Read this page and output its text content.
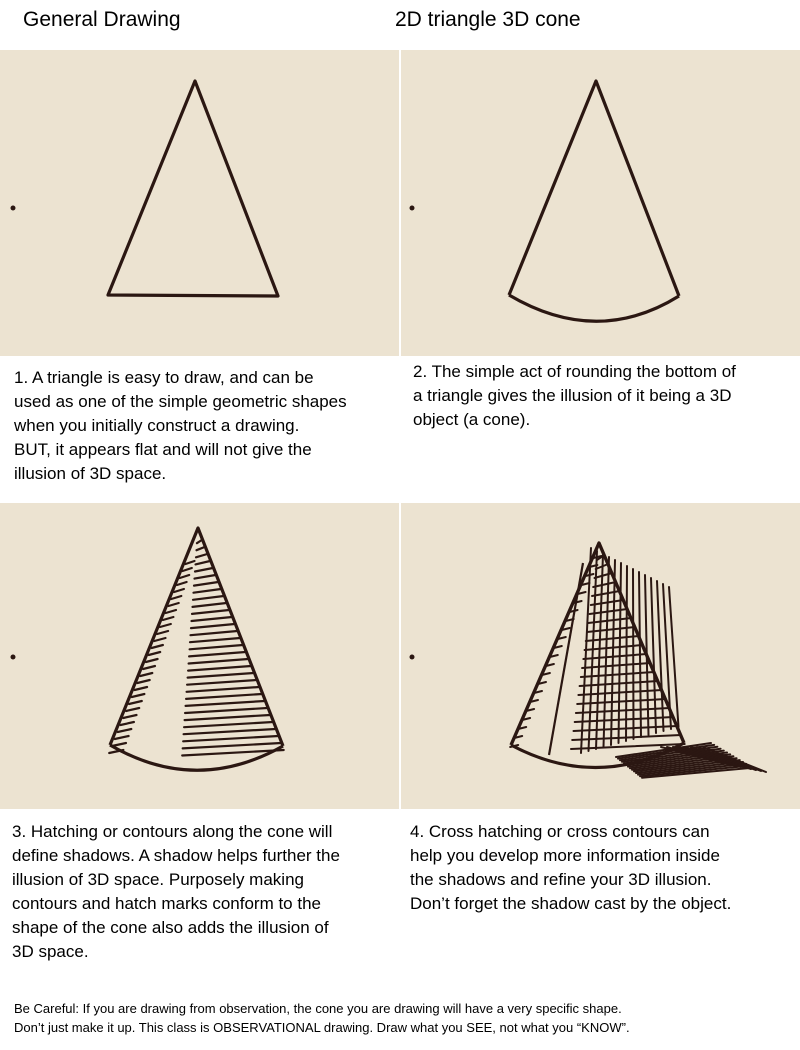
General Drawing	2D triangle 3D cone
1. A triangle is easy to draw, and can be
used as one of the simple geometric shapes
when you initially construct a drawing.
BUT, it appears flat and will not give the
illusion of 3D space.
2. The simple act of rounding the bottom of
a triangle gives the illusion of it being a 3D
object (a cone).
3. Hatching or contours along the cone will
define shadows. A shadow helps further the
illusion of 3D space. Purposely making
contours and hatch marks conform to the
shape of the cone also adds the illusion of
3D space.
4. Cross hatching or cross contours can
help you develop more information inside
the shadows and refine your 3D illusion.
Don’t forget the shadow cast by the object.
Be Careful: If you are drawing from observation, the cone you are drawing will have a very specific shape.
Don’t just make it up. This class is OBSERVATIONAL drawing. Draw what you SEE, not what you “KNOW”.
